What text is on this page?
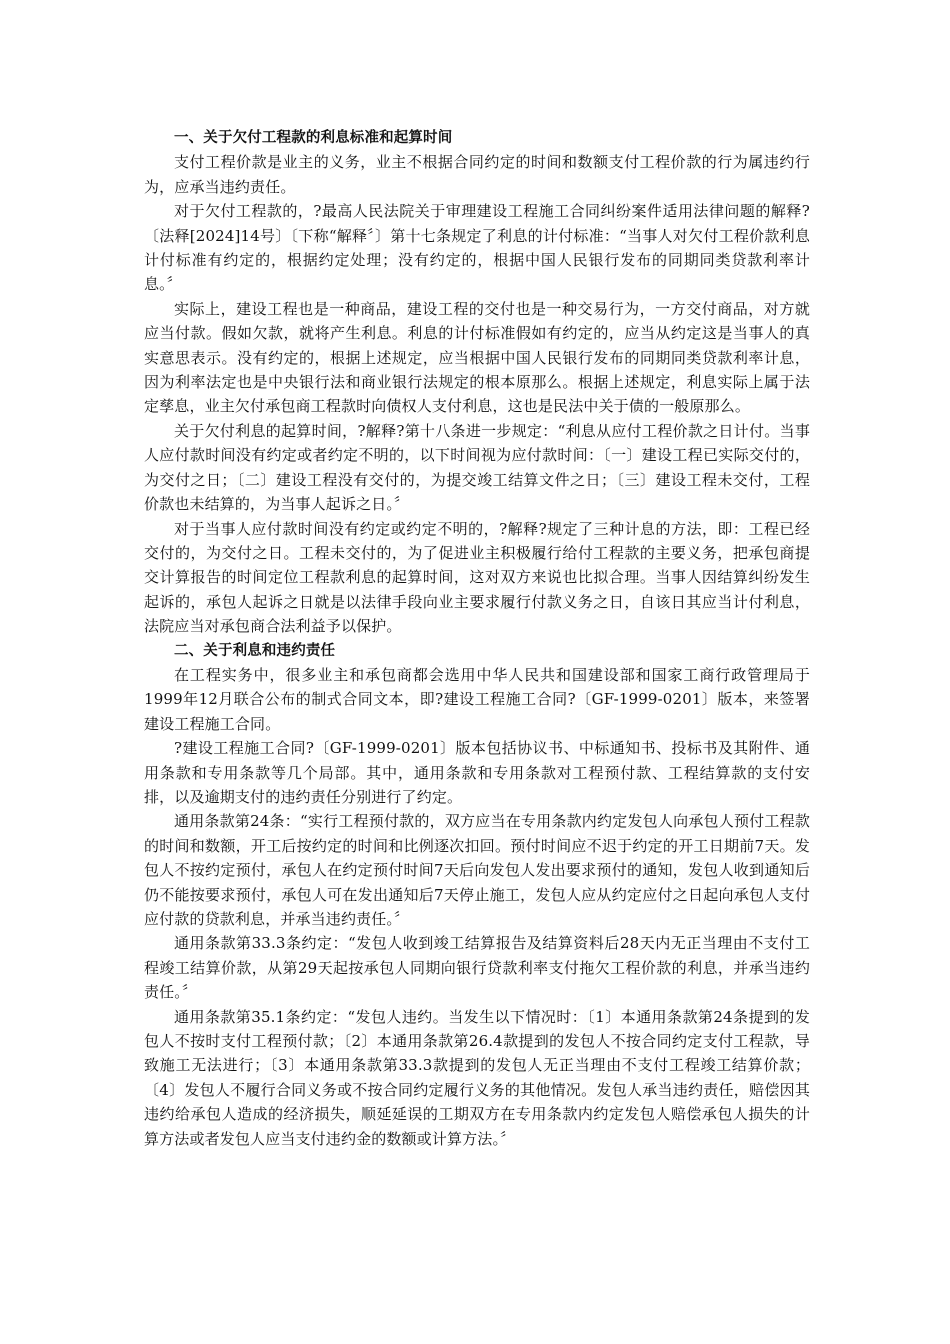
一、关于欠付工程款的利息标准和起算时间

支付工程价款是业主的义务，业主不根据合同约定的时间和数额支付工程价款的行为属违约行为，应承当违约责任。

对于欠付工程款的，?最高人民法院关于审理建设工程施工合同纠纷案件适用法律问题的解释?〔法释[2024]14号〕〔下称“解释〞〕第十七条规定了利息的计付标准：“当事人对欠付工程价款利息计付标准有约定的，根据约定处理；没有约定的，根据中国人民银行发布的同期同类贷款利率计息。〞

实际上，建设工程也是一种商品，建设工程的交付也是一种交易行为，一方交付商品，对方就应当付款。假如欠款，就将产生利息。利息的计付标准假如有约定的，应当从约定这是当事人的真实意思表示。没有约定的，根据上述规定，应当根据中国人民银行发布的同期同类贷款利率计息，因为利率法定也是中央银行法和商业银行法规定的根本原那么。根据上述规定，利息实际上属于法定孳息，业主欠付承包商工程款时向债权人支付利息，这也是民法中关于债的一般原那么。

关于欠付利息的起算时间，?解释?第十八条进一步规定：“利息从应付工程价款之日计付。当事人应付款时间没有约定或者约定不明的，以下时间视为应付款时间：〔一〕建设工程已实际交付的，为交付之日；〔二〕建设工程没有交付的，为提交竣工结算文件之日；〔三〕建设工程未交付，工程价款也未结算的，为当事人起诉之日。〞

对于当事人应付款时间没有约定或约定不明的，?解释?规定了三种计息的方法，即：工程已经交付的，为交付之日。工程未交付的，为了促进业主积极履行给付工程款的主要义务，把承包商提交计算报告的时间定位工程款利息的起算时间，这对双方来说也比拟合理。当事人因结算纠纷发生起诉的，承包人起诉之日就是以法律手段向业主要求履行付款义务之日，自该日其应当计付利息，法院应当对承包商合法利益予以保护。

二、关于利息和违约责任

在工程实务中，很多业主和承包商都会选用中华人民共和国建设部和国家工商行政管理局于1999年12月联合公布的制式合同文本，即?建设工程施工合同?〔GF-1999-0201〕版本，来签署建设工程施工合同。

?建设工程施工合同?〔GF-1999-0201〕版本包括协议书、中标通知书、投标书及其附件、通用条款和专用条款等几个局部。其中，通用条款和专用条款对工程预付款、工程结算款的支付安排，以及逾期支付的违约责任分别进行了约定。

通用条款第24条：“实行工程预付款的，双方应当在专用条款内约定发包人向承包人预付工程款的时间和数额，开工后按约定的时间和比例逐次扣回。预付时间应不迟于约定的开工日期前7天。发包人不按约定预付，承包人在约定预付时间7天后向发包人发出要求预付的通知，发包人收到通知后仍不能按要求预付，承包人可在发出通知后7天停止施工，发包人应从约定应付之日起向承包人支付应付款的贷款利息，并承当违约责任。〞

通用条款第33.3条约定：“发包人收到竣工结算报告及结算资料后28天内无正当理由不支付工程竣工结算价款，从第29天起按承包人同期向银行贷款利率支付拖欠工程价款的利息，并承当违约责任。〞

通用条款第35.1条约定：“发包人违约。当发生以下情况时：〔1〕本通用条款第24条提到的发包人不按时支付工程预付款；〔2〕本通用条款第26.4款提到的发包人不按合同约定支付工程款，导致施工无法进行；〔3〕本通用条款第33.3款提到的发包人无正当理由不支付工程竣工结算价款；〔4〕发包人不履行合同义务或不按合同约定履行义务的其他情况。发包人承当违约责任，赔偿因其违约给承包人造成的经济损失，顺延延误的工期双方在专用条款内约定发包人赔偿承包人损失的计算方法或者发包人应当支付违约金的数额或计算方法。〞
